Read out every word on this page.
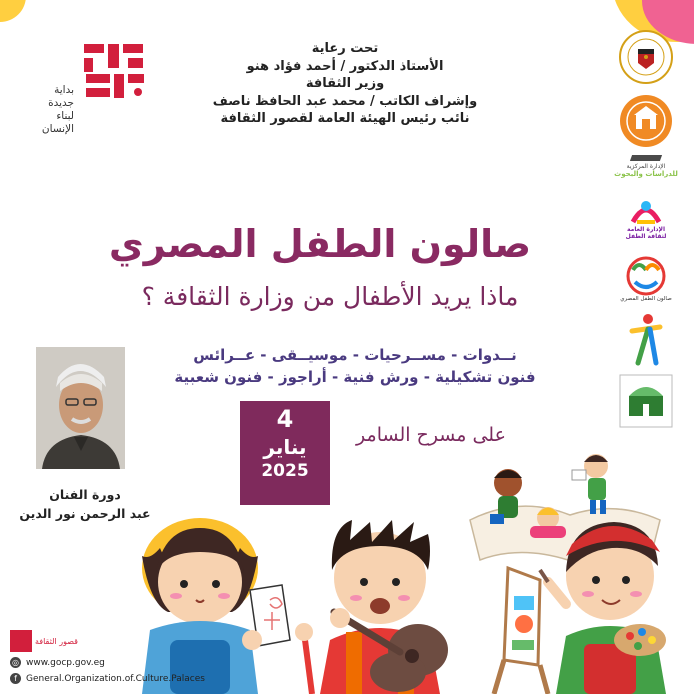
بداية
جديدة
لبناء
الإنسان
تحت رعاية
الأستاذ الدكتور / أحمد فؤاد هنو
وزير الثقافة
وإشراف الكاتب / محمد عبد الحافظ ناصف
نائب رئيس الهيئة العامة لقصور الثقافة
الإدارة المركزية
للدراسات والبحوث
الإدارة العامة
لثقافة الطفل
صالون الطفل المصري
صالون الطفل المصري
ماذا يريد الأطفال من وزارة الثقافة ؟
نــدوات - مســرحيات - موسيــقى - عــرائس
فنون تشكيلية - ورش فنية - أراجوز - فنون شعبية
دورة الفنان
عبد الرحمن نور الدين
4
يناير
2025
على مسرح السامر
قصور الثقافة
◎ www.gocp.gov.eg
f	General.Organization.of.Culture.Palaces
